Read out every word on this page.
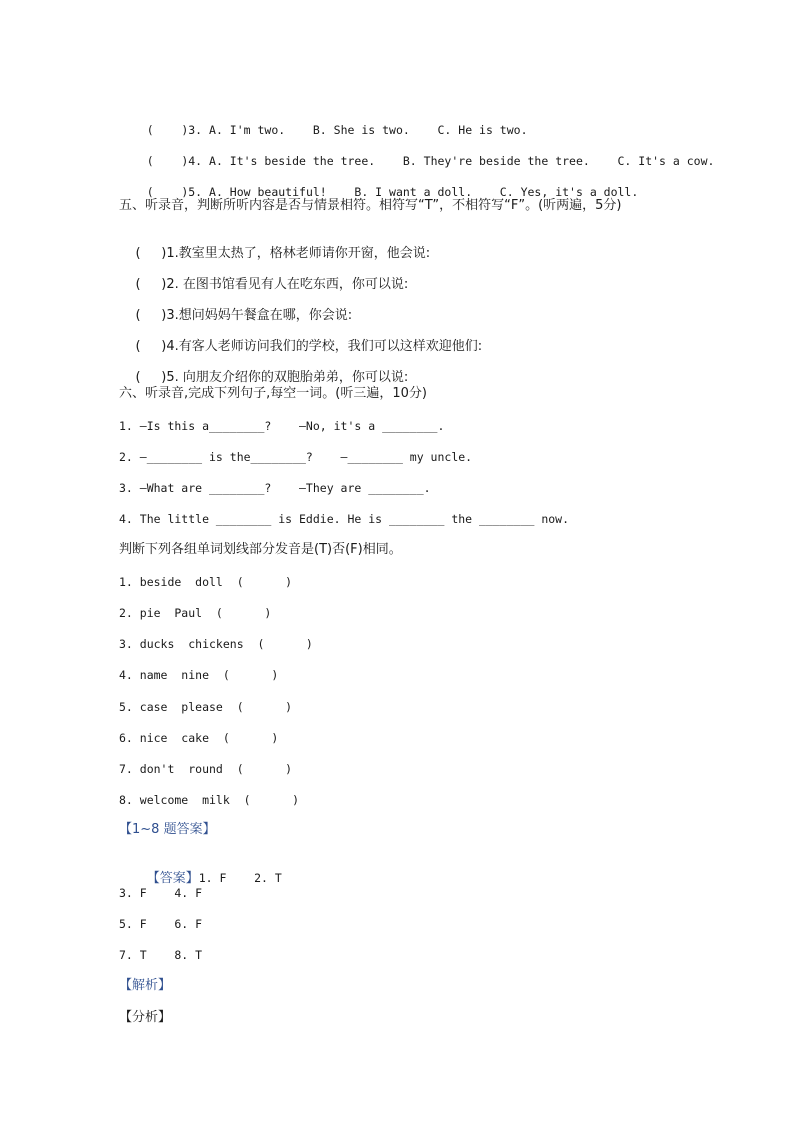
(    )3. A. I'm two.    B. She is two.    C. He is two.

(    )4. A. It's beside the tree.    B. They're beside the tree.    C. It's a cow.

(    )5. A. How beautiful!    B. I want a doll.    C. Yes, it's a doll.

五、听录音，判断所听内容是否与情景相符。相符写“T”，不相符写“F”。(听两遍，5分)

(     )1.教室里太热了，格林老师请你开窗，他会说:

(     )2. 在图书馆看见有人在吃东西，你可以说:

(     )3.想问妈妈午餐盒在哪，你会说:

(     )4.有客人老师访问我们的学校，我们可以这样欢迎他们:

(     )5. 向朋友介绍你的双胞胎弟弟，你可以说:

六、听录音,完成下列句子,每空一词。(听三遍，10分)
1. —Is this a________?    —No, it's a ________.
2. —________ is the________?    —________ my uncle.
3. —What are ________?    —They are ________.
4. The little ________ is Eddie. He is ________ the ________ now.
判断下列各组单词划线部分发音是(T)否(F)相同。
1. beside  doll  (      )
2. pie  Paul  (      )
3. ducks  chickens  (      )
4. name  nine  (      )
5. case  please  (      )
6. nice  cake  (      )
7. don't  round  (      )
8. welcome  milk  (      )
【1~8 题答案】

【答案】1. F    2. T

3. F    4. F
5. F    6. F
7. T    8. T
【解析】
【分析】
